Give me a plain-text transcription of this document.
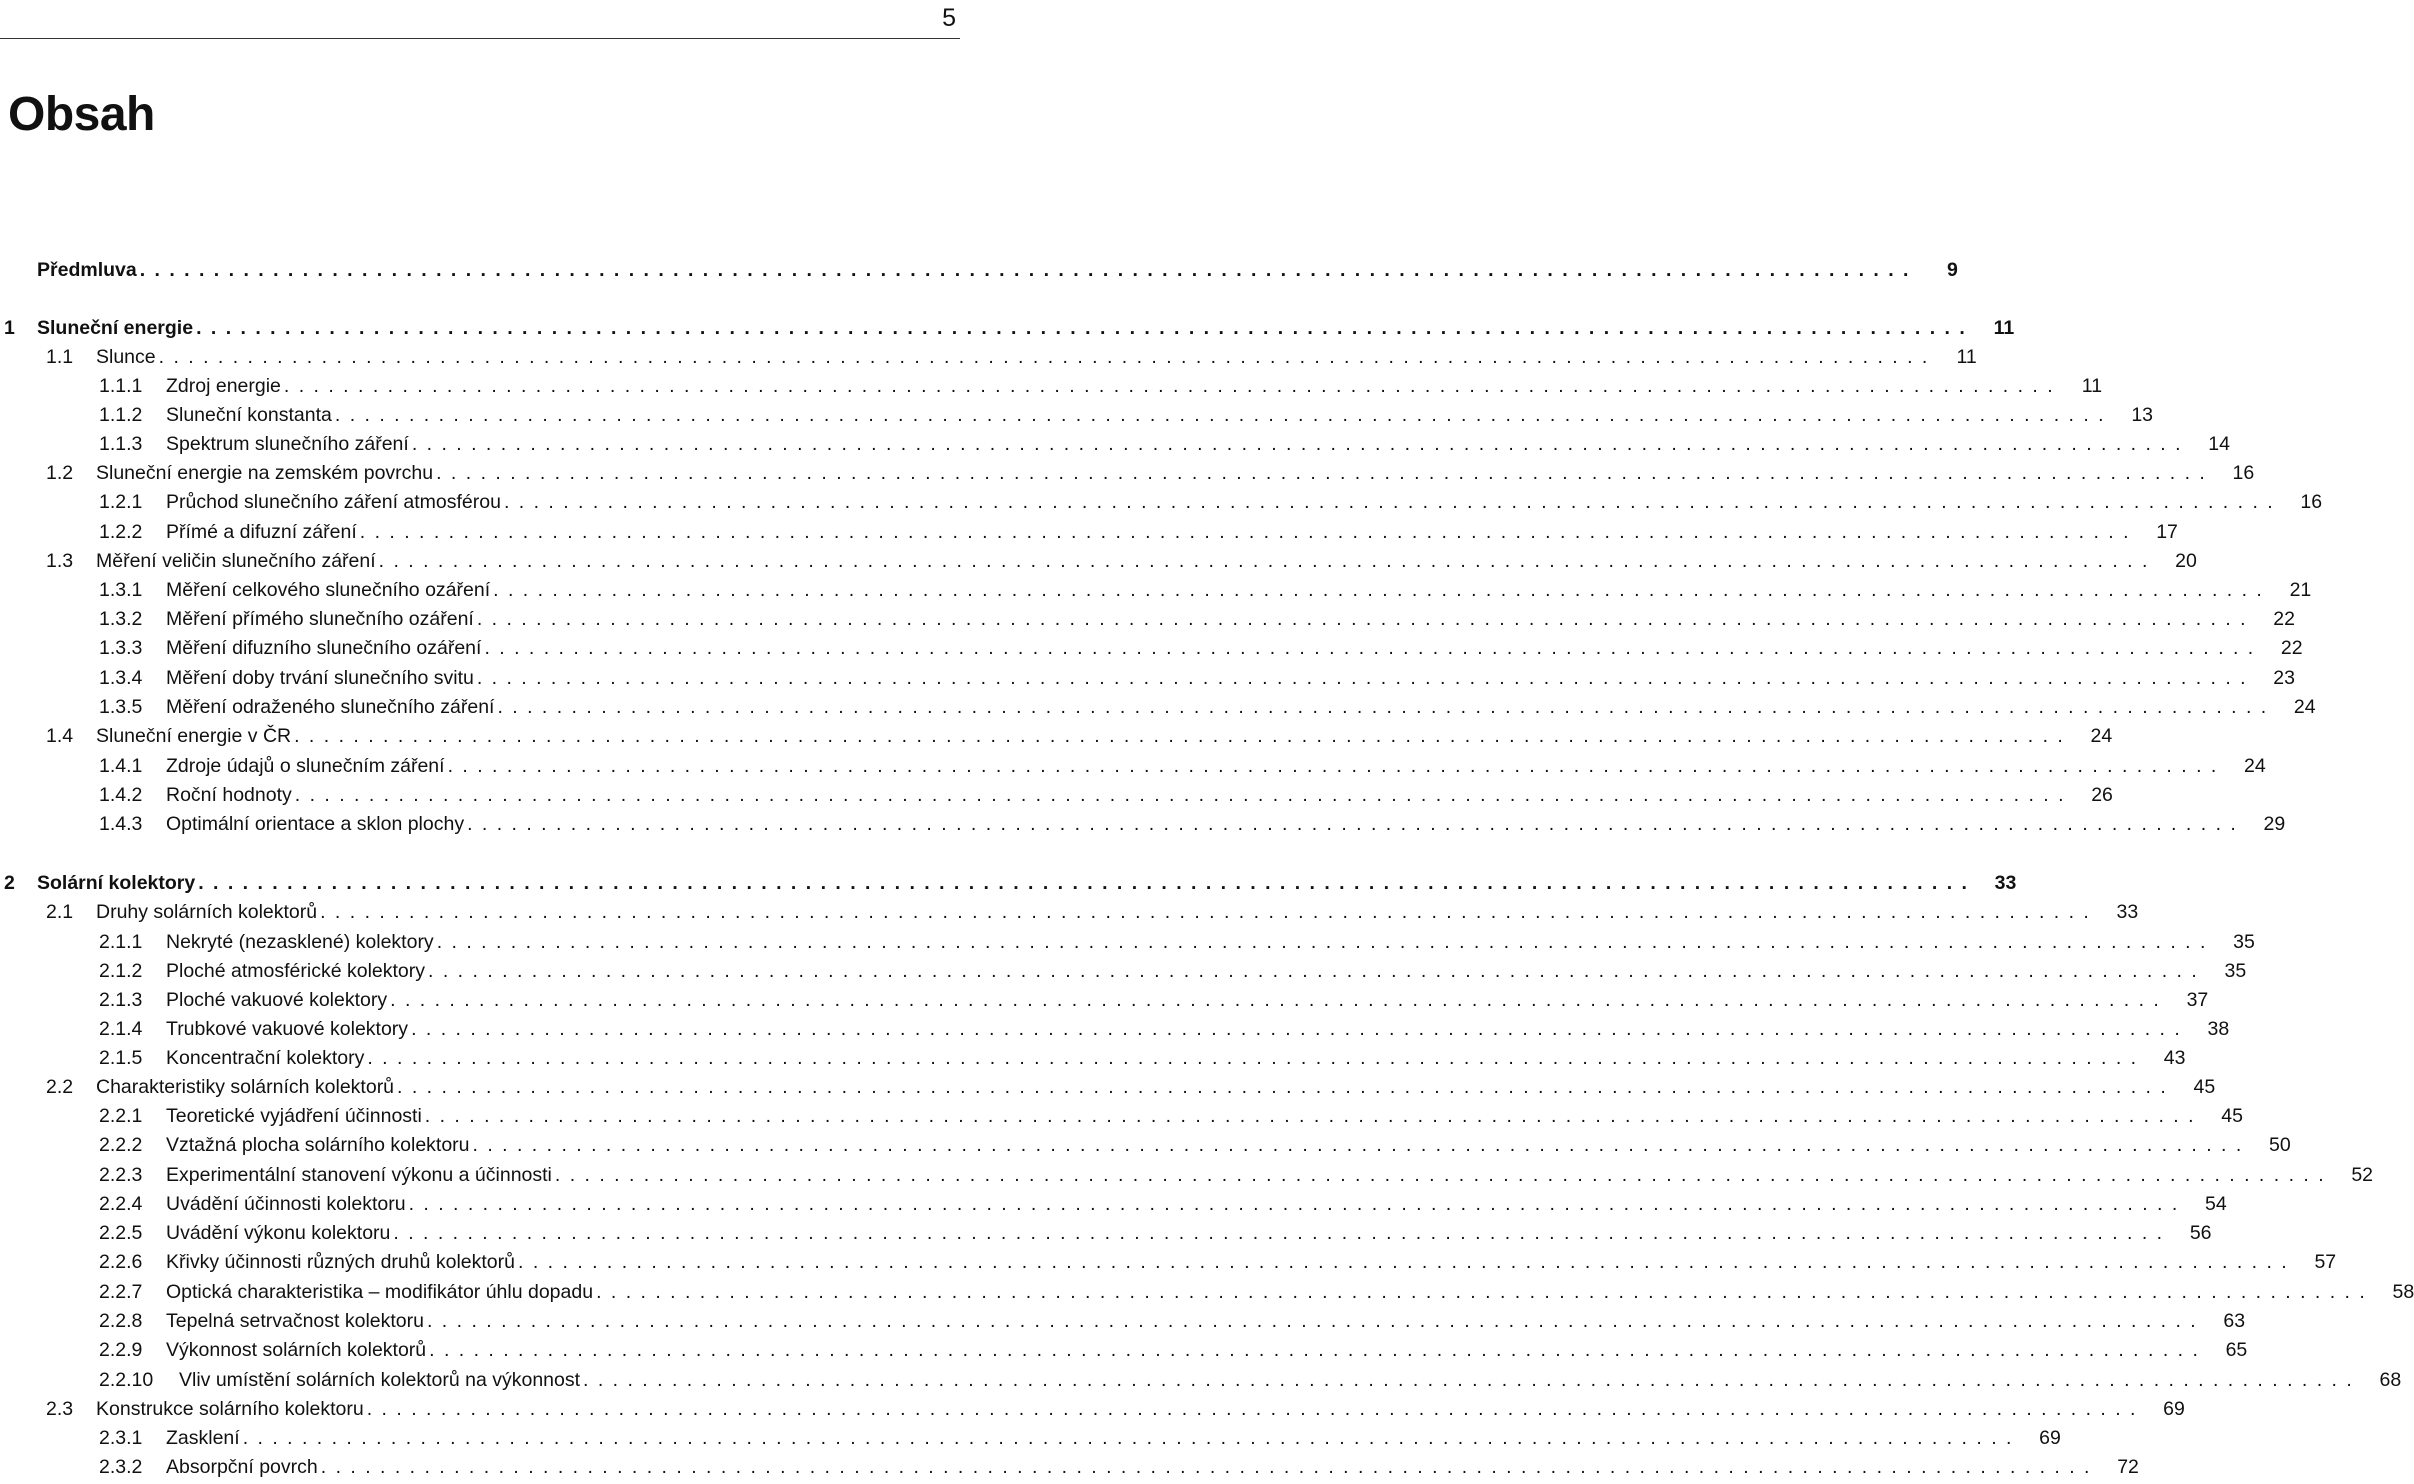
5
Obsah
Předmluva ........................................................................................................................	9
1	Sluneční energie ........................................................................................................................ 11
1.1	Slunce ........................................................................................................................	11
1.1.1	Zdroj energie ........................................................................................................................	11
1.1.2	Sluneční konstanta ........................................................................................................................ 13
1.1.3	Spektrum slunečního záření ........................................................................................................................ 14
1.2	Sluneční energie na zemském povrchu ........................................................................................................................ 16
1.2.1	Průchod slunečního záření atmosférou ........................................................................................................................ 16
1.2.2	Přímé a difuzní záření ........................................................................................................................ 17
1.3	Měření veličin slunečního záření ........................................................................................................................ 20
1.3.1	Měření celkového slunečního ozáření ........................................................................................................................ 21
1.3.2	Měření přímého slunečního ozáření ........................................................................................................................ 22
1.3.3	Měření difuzního slunečního ozáření ........................................................................................................................ 22
1.3.4	Měření doby trvání slunečního svitu ........................................................................................................................ 23
1.3.5	Měření odraženého slunečního záření ........................................................................................................................ 24
1.4	Sluneční energie v ČR ........................................................................................................................ 24
1.4.1	Zdroje údajů o slunečním záření ........................................................................................................................ 24
1.4.2	Roční hodnoty ........................................................................................................................ 26
1.4.3	Optimální orientace a sklon plochy ........................................................................................................................ 29
2	Solární kolektory ........................................................................................................................ 33
2.1	Druhy solárních kolektorů ........................................................................................................................ 33
2.1.1	Nekryté (nezasklené) kolektory ........................................................................................................................ 35
2.1.2	Ploché atmosférické kolektory ........................................................................................................................ 35
2.1.3	Ploché vakuové kolektory ........................................................................................................................ 37
2.1.4	Trubkové vakuové kolektory ........................................................................................................................ 38
2.1.5	Koncentrační kolektory ........................................................................................................................ 43
2.2	Charakteristiky solárních kolektorů ........................................................................................................................ 45
2.2.1	Teoretické vyjádření účinnosti ........................................................................................................................ 45
2.2.2	Vztažná plocha solárního kolektoru ........................................................................................................................ 50
2.2.3	Experimentální stanovení výkonu a účinnosti ........................................................................................................................ 52
2.2.4	Uvádění účinnosti kolektoru ........................................................................................................................ 54
2.2.5	Uvádění výkonu kolektoru ........................................................................................................................ 56
2.2.6	Křivky účinnosti různých druhů kolektorů ........................................................................................................................ 57
2.2.7	Optická charakteristika – modifikátor úhlu dopadu ........................................................................................................................ 58
2.2.8	Tepelná setrvačnost kolektoru ........................................................................................................................ 63
2.2.9	Výkonnost solárních kolektorů ........................................................................................................................ 65
2.2.10	Vliv umístění solárních kolektorů na výkonnost ........................................................................................................................ 68
2.3	Konstrukce solárního kolektoru ........................................................................................................................ 69
2.3.1	Zasklení ........................................................................................................................ 69
2.3.2	Absorpční povrch ........................................................................................................................ 72
